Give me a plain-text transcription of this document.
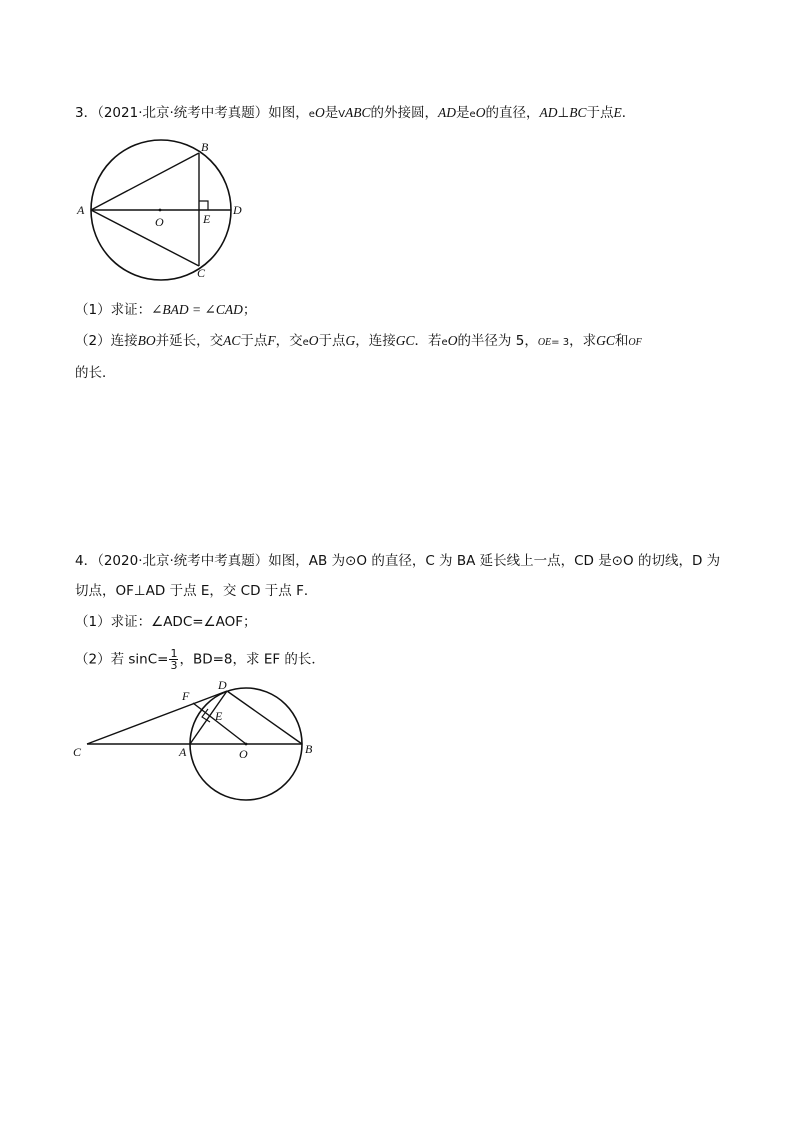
3．（2021·北京·统考中考真题）如图，eO是VABC的外接圆，AD是eO的直径，AD⊥BC于点E．
A
B
C
D
E
O
（1）求证：∠BAD = ∠CAD；
（2）连接BO并延长，交AC于点F，交eO于点G，连接GC．若eO的半径为 5，OE= 3，求GC和OF
的长．
4．（2020·北京·统考中考真题）如图，AB 为⊙O 的直径，C 为 BA 延长线上一点，CD 是⊙O 的切线，D 为
切点，OF⊥AD 于点 E，交 CD 于点 F．
（1）求证：∠ADC=∠AOF；
（2）若 $\sin C= \frac{1}{3}$ ，BD=8，求 EF 的长．
C	A	O	B
D
F
E
